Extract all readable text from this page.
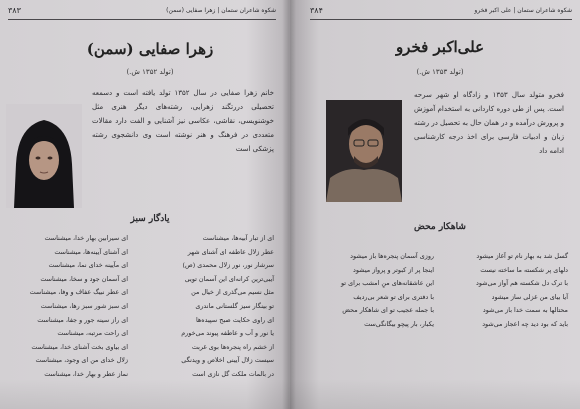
۳۸۳	شکوه شاعران ستمان | زهرا صفایی (سمن)
زهرا صفایی (سمن)
(تولد ۱۳۵۲ ش.)
خانم زهرا صفایی در سال ۱۳۵۲ تولد یافته است و دسمعه تحصیلی دررتگند زهرایی، رشته‌های دیگر هنری مثل خوشنویسی، نقاشی، عکاسی نیز آشنایی و الفت دارد مقالات متعددی در فرهنگ و هنر نوشته است وی دانشجوی رشته پزشکی است
یادگار سبز
ای از تبار آبیه‌ها، میشناست
عطر زلال عاطفه ای آشنای شهر
سرشار نور، نور زلال محمدی (ص)
آیبی‌ترین کرانه‌ای این آسمان تویی
مثل نسیم می‌گذری از خیال من
تو بینگار سیز گلستانی ماندری
ای راوی حکایت صبح سپیده‌ها
یا نور و آب و عاطفه پیوند می‌خورم
از خشم راه پنجره‌ها بوی غربت
سیست زلال آیینی اخلاص و ویدنگی
در بالمات ملکت گل نازی است
ای سیرابین بهار خدا، میشناست
ای آشنای آیینه‌ها، میشناست
ای مآیینه خدای نما، میشناست
ای آسمان جود و سخا، میشناست
ای عطر نبیگ عفاف و وفا، میشناست
ای سبز شور سبز رها، میشناست
ای راز سینه جور و جفا، میشناست
ای راحت مرتبه، میشناست
ای بیاوی بخت آشنای خدا، میشناست
زلال خدای من ای وجود، میشناست
نماز عطر و بهار خدا، میشناست
۳۸۴	شکوه شاعران ستمان | علی اکبر فخرو
علی‌اکبر فخرو
(تولد ۱۳۵۳ ش.)
فخرو متولد سال ۱۳۵۳ و زادگاه او شهر سرحه است. پس از طی دوره کاردانی به استخدام آموزش و پرورش درآمده و در همان حال به تحصیل در رشته زبان و ادبیات فارسی برای اخذ درجه کارشناسی ادامه داد
شاهکار محض
گسل شد به بهار نام تو آغاز میشود
دلهای پر شکسته ما ساخته نیست
با ترک دل شکسته هم آواز می‌شود
آیا بیای من غزلی ساز میشود
محتالها به سمت خدا باز می‌شود
باید که بود دید چه اعجاز می‌شود
روزی آسمان پنجره‌ها باز میشود
اینجا پر از کبوتر و پرواز میشود
این عاشقانه‌های منِ امشب برای تو
با دفتری برای تو شعر بی‌ردیف
با جمله عجیب تو ای شاهکار محض
یکبار، بار پیچو بیگانگی‌ست
